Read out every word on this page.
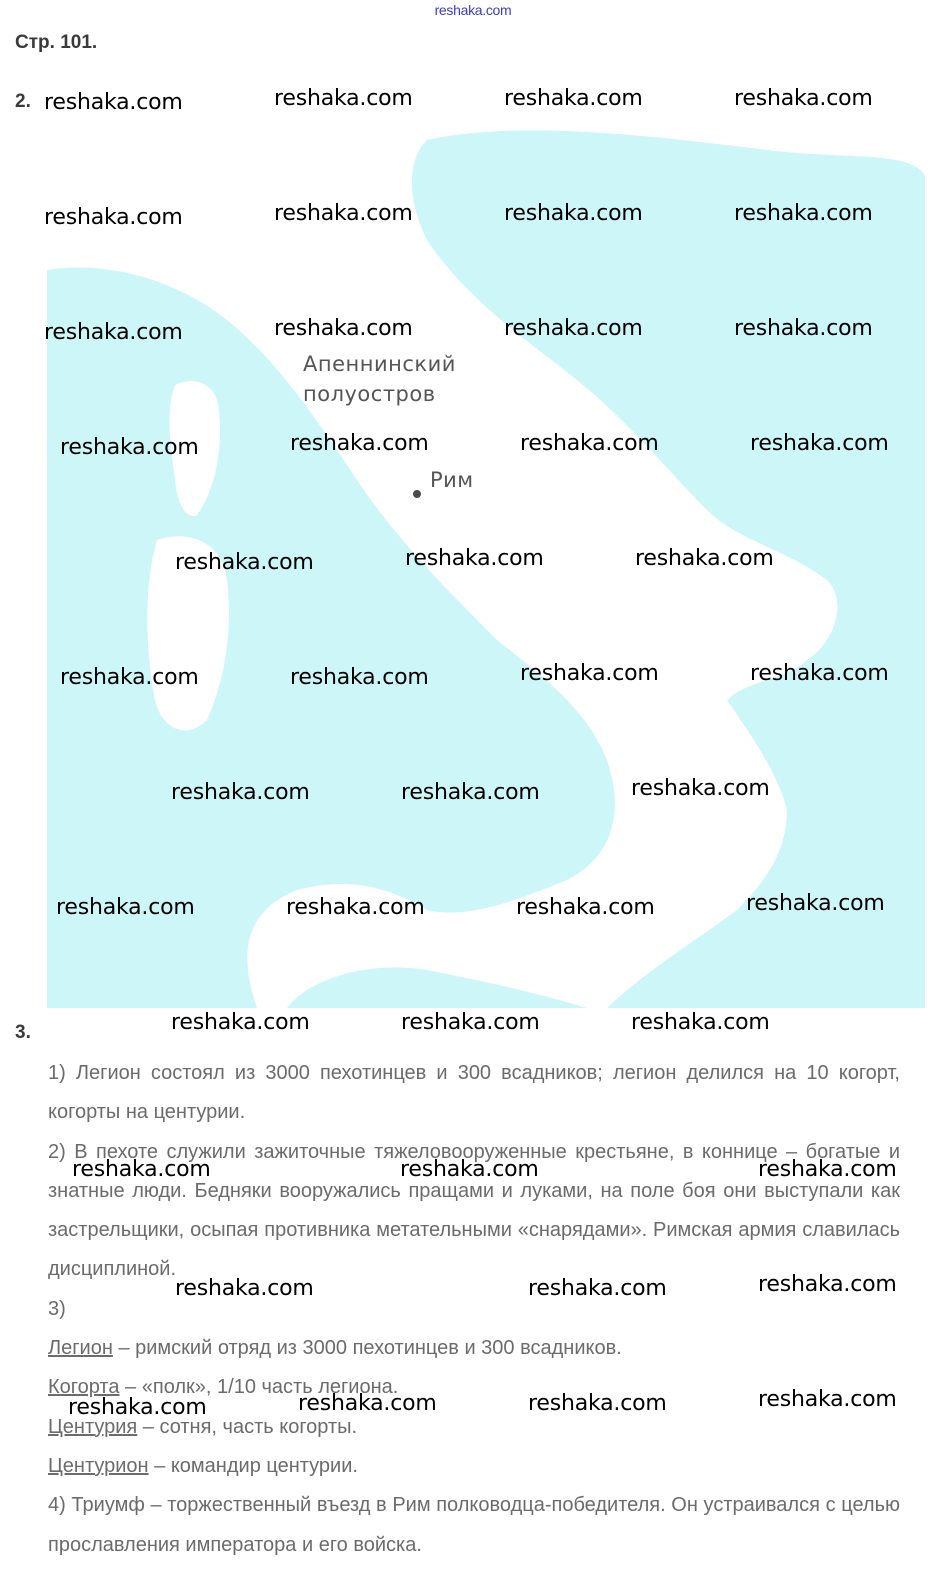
reshaka.com
Стр. 101.
2.
Апеннинский
полуостров
Рим
3.

1) Легион состоял из 3000 пехотинцев и 300 всадников; легион делился на 10 когорт, когорты на центурии.

2) В пехоте служили зажиточные тяжеловооруженные крестьяне, в коннице – богатые и знатные люди. Бедняки вооружались пращами и луками, на поле боя они выступали как застрельщики, осыпая противника метательными «снарядами». Римская армия славилась дисциплиной.

3)

Легион – римский отряд из 3000 пехотинцев и 300 всадников.

Когорта – «полк», 1/10 часть легиона.

Центурия – сотня, часть когорты.

Центурион – командир центурии.

4) Триумф – торжественный въезд в Рим полководца-победителя. Он устраивался с целью прославления императора и его войска.

reshaka.com	reshaka.com	reshaka.com	reshaka.com
reshaka.com	reshaka.com	reshaka.com	reshaka.com
reshaka.com	reshaka.com	reshaka.com	reshaka.com
reshaka.com	reshaka.com	reshaka.com	reshaka.com
reshaka.com	reshaka.com	reshaka.com
reshaka.com	reshaka.com	reshaka.com	reshaka.com
reshaka.com	reshaka.com	reshaka.com
reshaka.com	reshaka.com	reshaka.com	reshaka.com
reshaka.com	reshaka.com	reshaka.com
reshaka.com	reshaka.com	reshaka.com
reshaka.com	reshaka.com	reshaka.com
reshaka.com	reshaka.com	reshaka.com	reshaka.com
